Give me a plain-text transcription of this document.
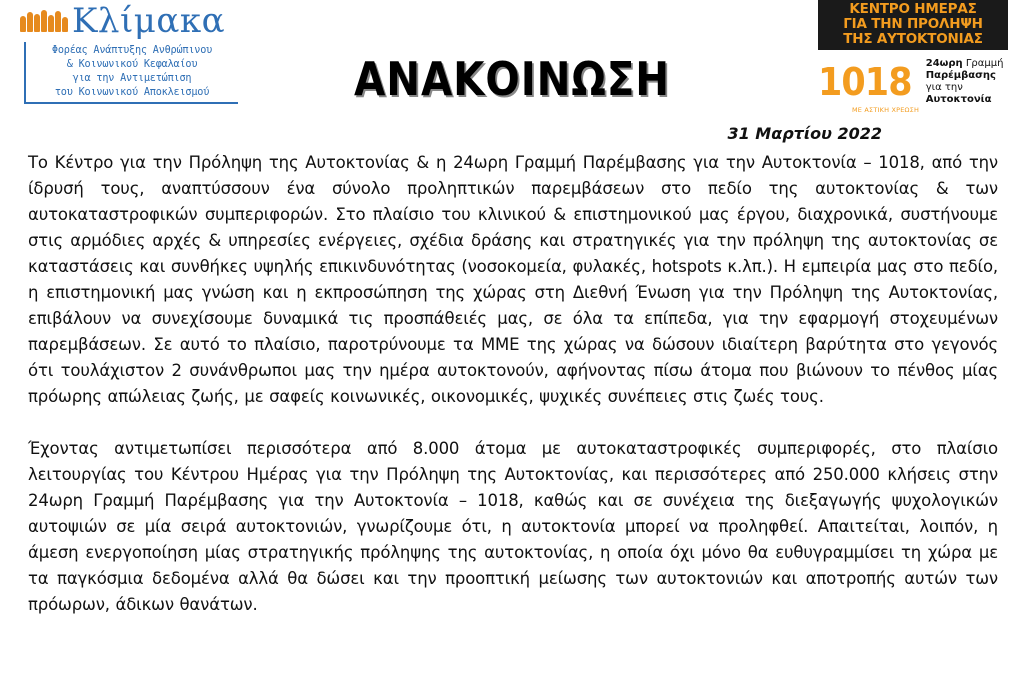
Κλίμακα

Φορέας Ανάπτυξης Ανθρώπινου

& Κοινωνικού Κεφαλαίου

για την Αντιμετώπιση

του Κοινωνικού Αποκλεισμού	ΑΝΑΚΟΙΝΩΣΗ

31 Μαρτίου 2022

ΚΕΝΤΡΟ ΗΜΕΡΑΣ
ΓΙΑ ΤΗΝ ΠΡΟΛΗΨΗ
ΤΗΣ ΑΥΤΟΚΤΟΝΙΑΣ
1018 24ωρη Γραμμή
Παρέμβασης
για την Αυτοκτονία
ΜΕ ΑΣΤΙΚΗ ΧΡΕΩΣΗ

Το Κέντρο για την Πρόληψη της Αυτοκτονίας & η 24ωρη Γραμμή Παρέμβασης για την Αυτοκτονία – 1018, από την ίδρυσή τους, αναπτύσσουν ένα σύνολο προληπτικών παρεμβάσεων στο πεδίο της αυτοκτονίας & των αυτοκαταστροφικών συμπεριφορών. Στο πλαίσιο του κλινικού & επιστημονικού μας έργου, διαχρονικά, συστήνουμε στις αρμόδιες αρχές & υπηρεσίες ενέργειες, σχέδια δράσης και στρατηγικές για την πρόληψη της αυτοκτονίας σε καταστάσεις και συνθήκες υψηλής επικινδυνότητας (νοσοκομεία, φυλακές, hotspots κ.λπ.). Η εμπειρία μας στο πεδίο, η επιστημονική μας γνώση και η εκπροσώπηση της χώρας στη Διεθνή Ένωση για την Πρόληψη της Αυτοκτονίας, επιβάλουν να συνεχίσουμε δυναμικά τις προσπάθειές μας, σε όλα τα επίπεδα, για την εφαρμογή στοχευμένων παρεμβάσεων. Σε αυτό το πλαίσιο, παροτρύνουμε τα ΜΜΕ της χώρας να δώσουν ιδιαίτερη βαρύτητα στο γεγονός ότι τουλάχιστον 2 συνάνθρωποι μας την ημέρα αυτοκτονούν, αφήνοντας πίσω άτομα που βιώνουν το πένθος μίας πρόωρης απώλειας ζωής, με σαφείς κοινωνικές, οικονομικές, ψυχικές συνέπειες στις ζωές τους.

Έχοντας αντιμετωπίσει περισσότερα από 8.000 άτομα με αυτοκαταστροφικές συμπεριφορές, στο πλαίσιο λειτουργίας του Κέντρου Ημέρας για την Πρόληψη της Αυτοκτονίας, και περισσότερες από 250.000 κλήσεις στην 24ωρη Γραμμή Παρέμβασης για την Αυτοκτονία – 1018, καθώς και σε συνέχεια της διεξαγωγής ψυχολογικών αυτοψιών σε μία σειρά αυτοκτονιών, γνωρίζουμε ότι, η αυτοκτονία μπορεί να προληφθεί. Απαιτείται, λοιπόν, η άμεση ενεργοποίηση μίας στρατηγικής πρόληψης της αυτοκτονίας, η οποία όχι μόνο θα ευθυγραμμίσει τη χώρα με τα παγκόσμια δεδομένα αλλά θα δώσει και την προοπτική μείωσης των αυτοκτονιών και αποτροπής αυτών των πρόωρων, άδικων θανάτων.
